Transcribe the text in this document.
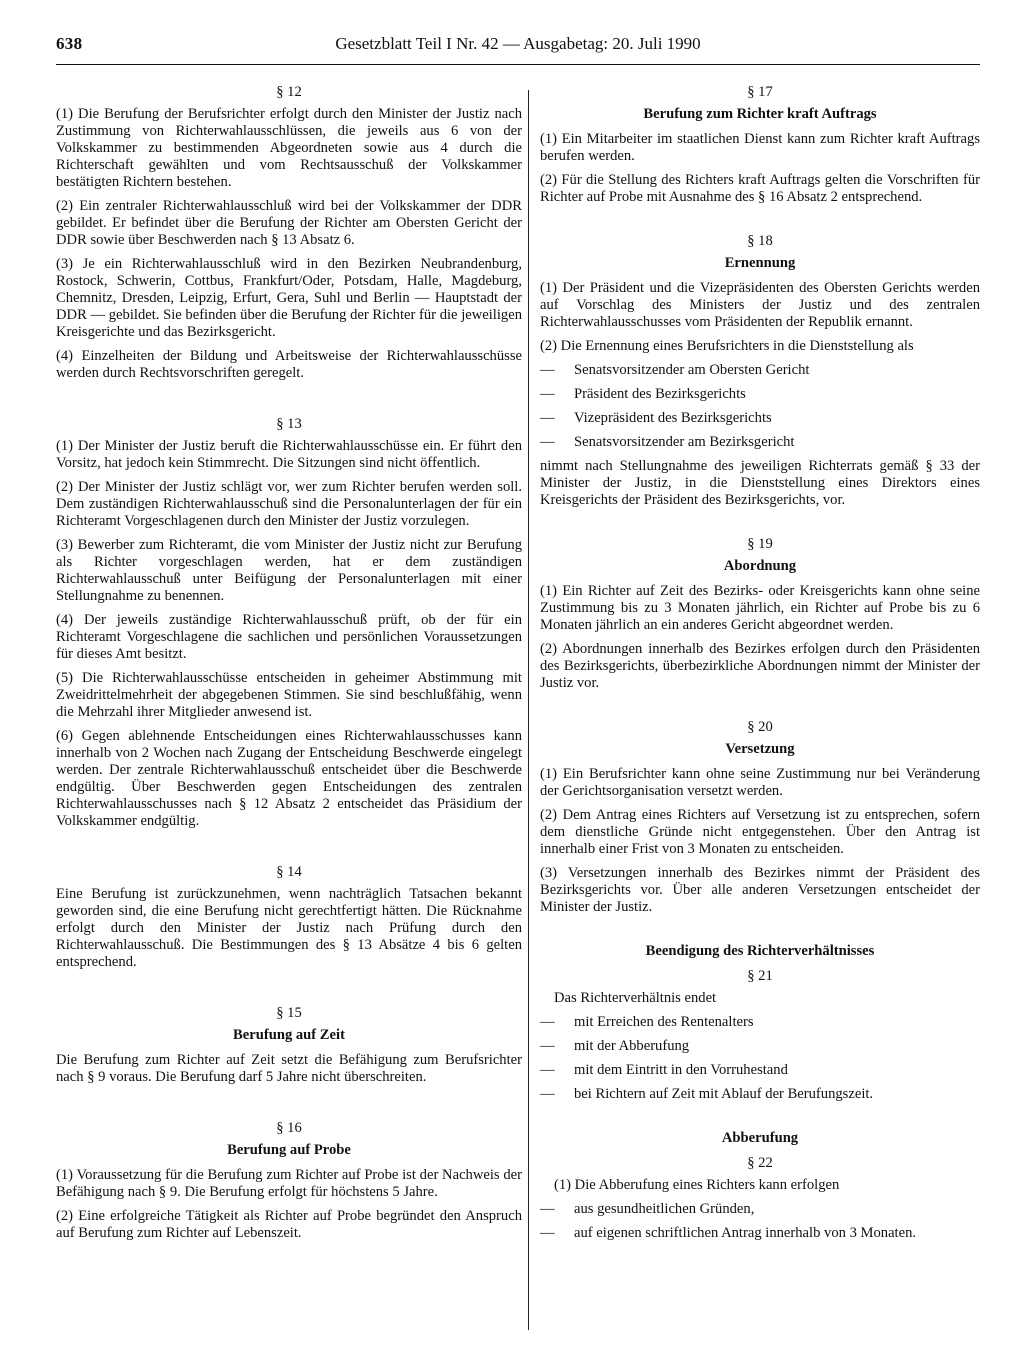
638	Gesetzblatt Teil I Nr. 42 — Ausgabetag: 20. Juli 1990
§ 12

(1) Die Berufung der Berufsrichter erfolgt durch den Minister der Justiz nach Zustimmung von Richterwahlausschlüssen, die jeweils aus 6 von der Volkskammer zu bestimmenden Abgeordneten sowie aus 4 durch die Richterschaft gewählten und vom Rechtsausschuß der Volkskammer bestätigten Richtern bestehen.

(2) Ein zentraler Richterwahlausschluß wird bei der Volkskammer der DDR gebildet. Er befindet über die Berufung der Richter am Obersten Gericht der DDR sowie über Beschwerden nach § 13 Absatz 6.

(3) Je ein Richterwahlausschluß wird in den Bezirken Neubrandenburg, Rostock, Schwerin, Cottbus, Frankfurt/Oder, Potsdam, Halle, Magdeburg, Chemnitz, Dresden, Leipzig, Erfurt, Gera, Suhl und Berlin — Hauptstadt der DDR — gebildet. Sie befinden über die Berufung der Richter für die jeweiligen Kreisgerichte und das Bezirksgericht.

(4) Einzelheiten der Bildung und Arbeitsweise der Richterwahlausschüsse werden durch Rechtsvorschriften geregelt.

§ 13

(1) Der Minister der Justiz beruft die Richterwahlausschüsse ein. Er führt den Vorsitz, hat jedoch kein Stimmrecht. Die Sitzungen sind nicht öffentlich.

(2) Der Minister der Justiz schlägt vor, wer zum Richter berufen werden soll. Dem zuständigen Richterwahlausschuß sind die Personalunterlagen der für ein Richteramt Vorgeschlagenen durch den Minister der Justiz vorzulegen.

(3) Bewerber zum Richteramt, die vom Minister der Justiz nicht zur Berufung als Richter vorgeschlagen werden, hat er dem zuständigen Richterwahlausschuß unter Beifügung der Personalunterlagen mit einer Stellungnahme zu benennen.

(4) Der jeweils zuständige Richterwahlausschuß prüft, ob der für ein Richteramt Vorgeschlagene die sachlichen und persönlichen Voraussetzungen für dieses Amt besitzt.

(5) Die Richterwahlausschüsse entscheiden in geheimer Abstimmung mit Zweidrittelmehrheit der abgegebenen Stimmen. Sie sind beschlußfähig, wenn die Mehrzahl ihrer Mitglieder anwesend ist.

(6) Gegen ablehnende Entscheidungen eines Richterwahlausschusses kann innerhalb von 2 Wochen nach Zugang der Entscheidung Beschwerde eingelegt werden. Der zentrale Richterwahlausschuß entscheidet über die Beschwerde endgültig. Über Beschwerden gegen Entscheidungen des zentralen Richterwahlausschusses nach § 12 Absatz 2 entscheidet das Präsidium der Volkskammer endgültig.

§ 14

Eine Berufung ist zurückzunehmen, wenn nachträglich Tatsachen bekannt geworden sind, die eine Berufung nicht gerechtfertigt hätten. Die Rücknahme erfolgt durch den Minister der Justiz nach Prüfung durch den Richterwahlausschuß. Die Bestimmungen des § 13 Absätze 4 bis 6 gelten entsprechend.

§ 15
Berufung auf Zeit

Die Berufung zum Richter auf Zeit setzt die Befähigung zum Berufsrichter nach § 9 voraus. Die Berufung darf 5 Jahre nicht überschreiten.

§ 16
Berufung auf Probe

(1) Voraussetzung für die Berufung zum Richter auf Probe ist der Nachweis der Befähigung nach § 9. Die Berufung erfolgt für höchstens 5 Jahre.

(2) Eine erfolgreiche Tätigkeit als Richter auf Probe begründet den Anspruch auf Berufung zum Richter auf Lebenszeit.

§ 17
Berufung zum Richter kraft Auftrags

(1) Ein Mitarbeiter im staatlichen Dienst kann zum Richter kraft Auftrags berufen werden.

(2) Für die Stellung des Richters kraft Auftrags gelten die Vorschriften für Richter auf Probe mit Ausnahme des § 16 Absatz 2 entsprechend.

§ 18
Ernennung

(1) Der Präsident und die Vizepräsidenten des Obersten Gerichts werden auf Vorschlag des Ministers der Justiz und des zentralen Richterwahlausschusses vom Präsidenten der Republik ernannt.

(2) Die Ernennung eines Berufsrichters in die Dienststellung als

—	Senatsvorsitzender am Obersten Gericht
—	Präsident des Bezirksgerichts
—	Vizepräsident des Bezirksgerichts
—	Senatsvorsitzender am Bezirksgericht

nimmt nach Stellungnahme des jeweiligen Richterrats gemäß § 33 der Minister der Justiz, in die Dienststellung eines Direktors eines Kreisgerichts der Präsident des Bezirksgerichts, vor.

§ 19
Abordnung

(1) Ein Richter auf Zeit des Bezirks- oder Kreisgerichts kann ohne seine Zustimmung bis zu 3 Monaten jährlich, ein Richter auf Probe bis zu 6 Monaten jährlich an ein anderes Gericht abgeordnet werden.

(2) Abordnungen innerhalb des Bezirkes erfolgen durch den Präsidenten des Bezirksgerichts, überbezirkliche Abordnungen nimmt der Minister der Justiz vor.

§ 20
Versetzung

(1) Ein Berufsrichter kann ohne seine Zustimmung nur bei Veränderung der Gerichtsorganisation versetzt werden.

(2) Dem Antrag eines Richters auf Versetzung ist zu entsprechen, sofern dem dienstliche Gründe nicht entgegenstehen. Über den Antrag ist innerhalb einer Frist von 3 Monaten zu entscheiden.

(3) Versetzungen innerhalb des Bezirkes nimmt der Präsident des Bezirksgerichts vor. Über alle anderen Versetzungen entscheidet der Minister der Justiz.

Beendigung des Richterverhältnisses
§ 21

Das Richterverhältnis endet

—	mit Erreichen des Rentenalters
—	mit der Abberufung
—	mit dem Eintritt in den Vorruhestand
—	bei Richtern auf Zeit mit Ablauf der Berufungszeit.
Abberufung
§ 22

(1) Die Abberufung eines Richters kann erfolgen

—	aus gesundheitlichen Gründen,
—	auf eigenen schriftlichen Antrag innerhalb von 3 Monaten.
